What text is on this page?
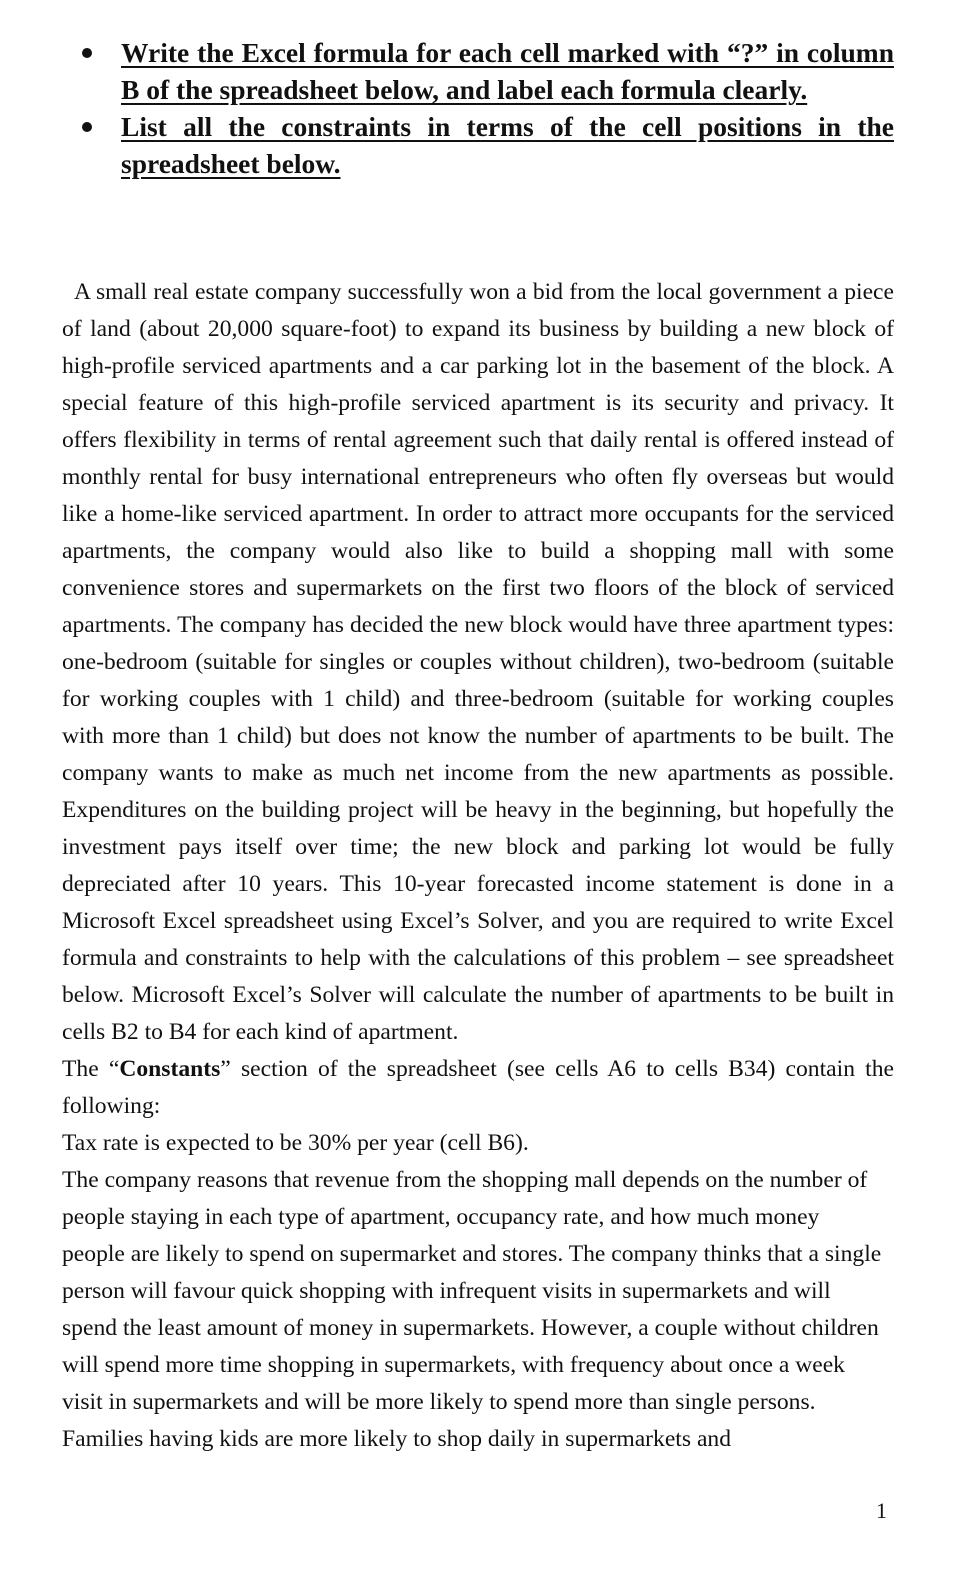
Write the Excel formula for each cell marked with “?” in column B of the spreadsheet below, and label each formula clearly.
List all the constraints in terms of the cell positions in the spreadsheet below.

A small real estate company successfully won a bid from the local government a piece of land (about 20,000 square-foot) to expand its business by building a new block of high-profile serviced apartments and a car parking lot in the basement of the block. A special feature of this high-profile serviced apartment is its security and privacy. It offers flexibility in terms of rental agreement such that daily rental is offered instead of monthly rental for busy international entrepreneurs who often fly overseas but would like a home-like serviced apartment. In order to attract more occupants for the serviced apartments, the company would also like to build a shopping mall with some convenience stores and supermarkets on the first two floors of the block of serviced apartments. The company has decided the new block would have three apartment types: one-bedroom (suitable for singles or couples without children), two-bedroom (suitable for working couples with 1 child) and three-bedroom (suitable for working couples with more than 1 child) but does not know the number of apartments to be built. The company wants to make as much net income from the new apartments as possible. Expenditures on the building project will be heavy in the beginning, but hopefully the investment pays itself over time; the new block and parking lot would be fully depreciated after 10 years. This 10-year forecasted income statement is done in a Microsoft Excel spreadsheet using Excel’s Solver, and you are required to write Excel formula and constraints to help with the calculations of this problem – see spreadsheet below. Microsoft Excel’s Solver will calculate the number of apartments to be built in cells B2 to B4 for each kind of apartment.

The “Constants” section of the spreadsheet (see cells A6 to cells B34) contain the following:

Tax rate is expected to be 30% per year (cell B6).

The company reasons that revenue from the shopping mall depends on the number of people staying in each type of apartment, occupancy rate, and how much money people are likely to spend on supermarket and stores. The company thinks that a single person will favour quick shopping with infrequent visits in supermarkets and will spend the least amount of money in supermarkets. However, a couple without children will spend more time shopping in supermarkets, with frequency about once a week visit in supermarkets and will be more likely to spend more than single persons. Families having kids are more likely to shop daily in supermarkets and

1
